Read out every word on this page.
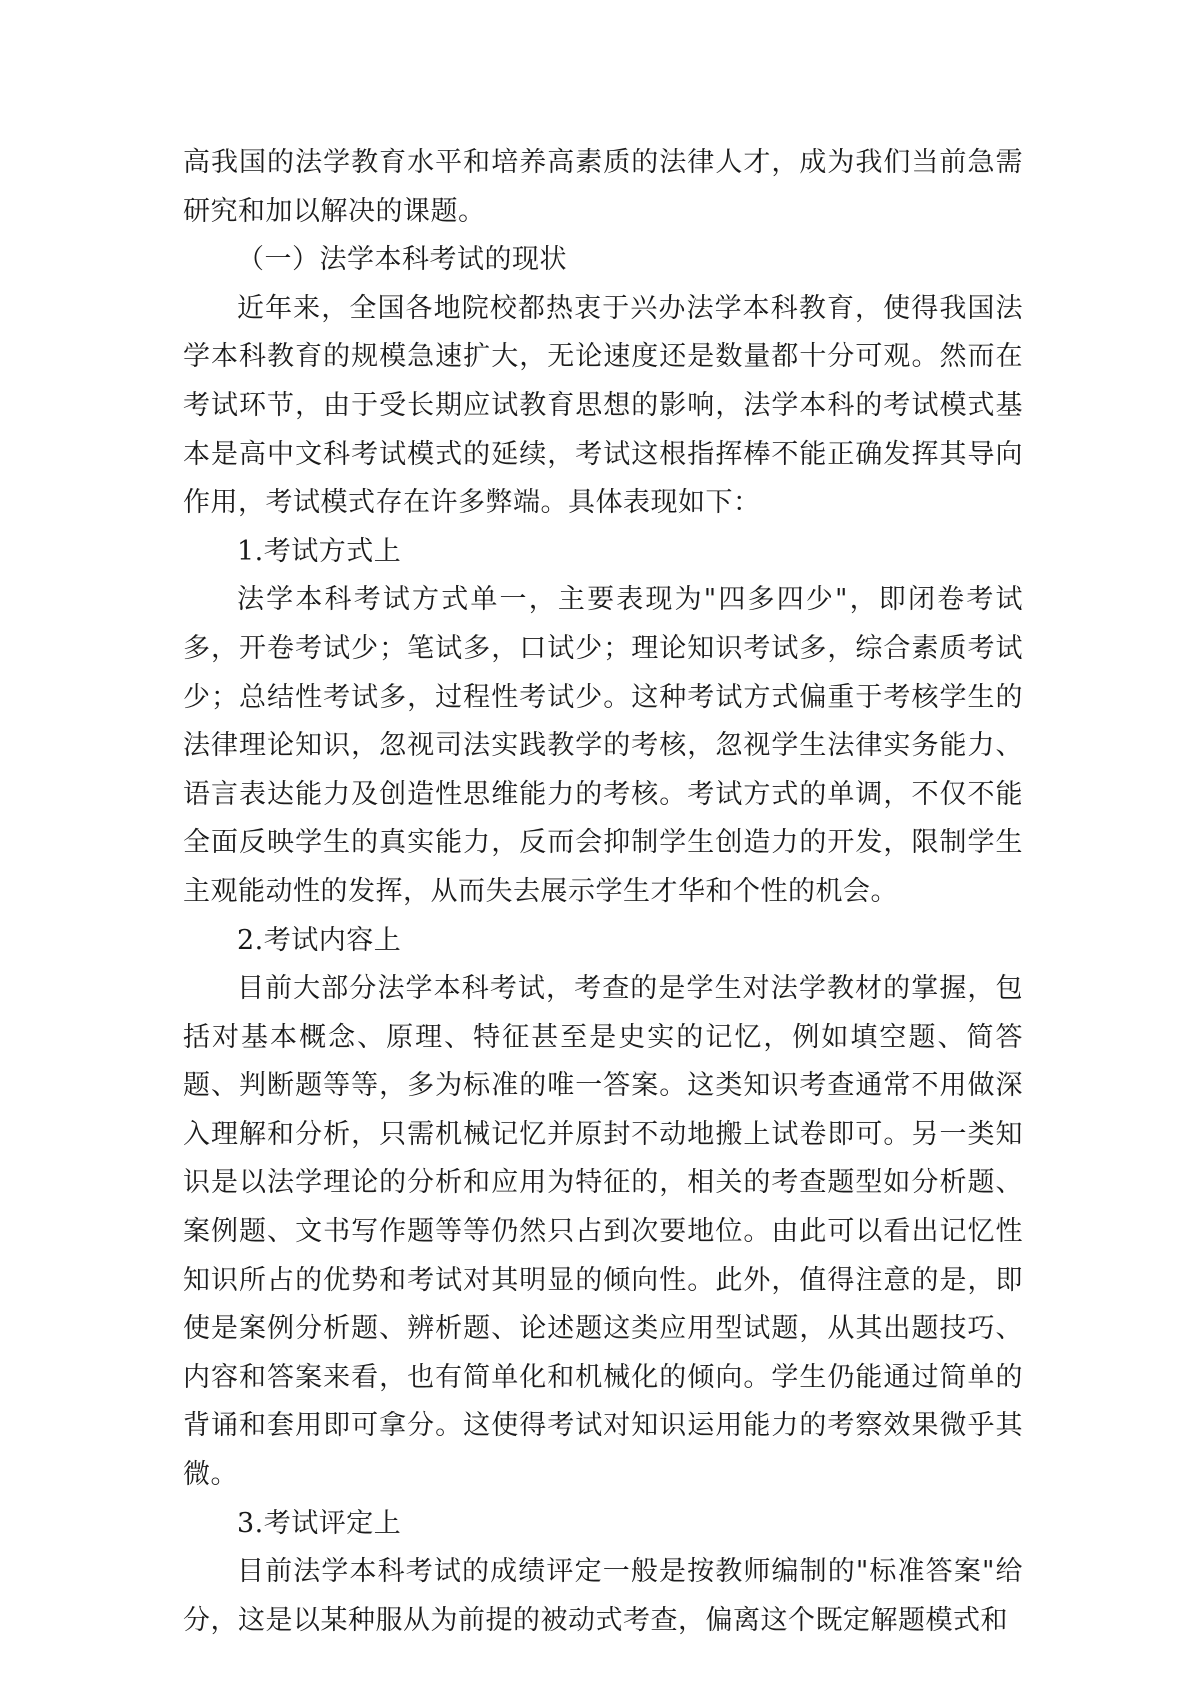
高我国的法学教育水平和培养高素质的法律人才，成为我们当前急需研究和加以解决的课题。

（一）法学本科考试的现状

近年来，全国各地院校都热衷于兴办法学本科教育，使得我国法学本科教育的规模急速扩大，无论速度还是数量都十分可观。然而在考试环节，由于受长期应试教育思想的影响，法学本科的考试模式基本是高中文科考试模式的延续，考试这根指挥棒不能正确发挥其导向作用，考试模式存在许多弊端。具体表现如下：

1.考试方式上

法学本科考试方式单一，主要表现为"四多四少"，即闭卷考试多，开卷考试少；笔试多，口试少；理论知识考试多，综合素质考试少；总结性考试多，过程性考试少。这种考试方式偏重于考核学生的法律理论知识，忽视司法实践教学的考核，忽视学生法律实务能力、语言表达能力及创造性思维能力的考核。考试方式的单调，不仅不能全面反映学生的真实能力，反而会抑制学生创造力的开发，限制学生主观能动性的发挥，从而失去展示学生才华和个性的机会。

2.考试内容上

目前大部分法学本科考试，考查的是学生对法学教材的掌握，包括对基本概念、原理、特征甚至是史实的记忆，例如填空题、简答题、判断题等等，多为标准的唯一答案。这类知识考查通常不用做深入理解和分析，只需机械记忆并原封不动地搬上试卷即可。另一类知识是以法学理论的分析和应用为特征的，相关的考查题型如分析题、案例题、文书写作题等等仍然只占到次要地位。由此可以看出记忆性知识所占的优势和考试对其明显的倾向性。此外，值得注意的是，即使是案例分析题、辨析题、论述题这类应用型试题，从其出题技巧、内容和答案来看，也有简单化和机械化的倾向。学生仍能通过简单的背诵和套用即可拿分。这使得考试对知识运用能力的考察效果微乎其微。

3.考试评定上

目前法学本科考试的成绩评定一般是按教师编制的"标准答案"给分，这是以某种服从为前提的被动式考查，偏离这个既定解题模式和
